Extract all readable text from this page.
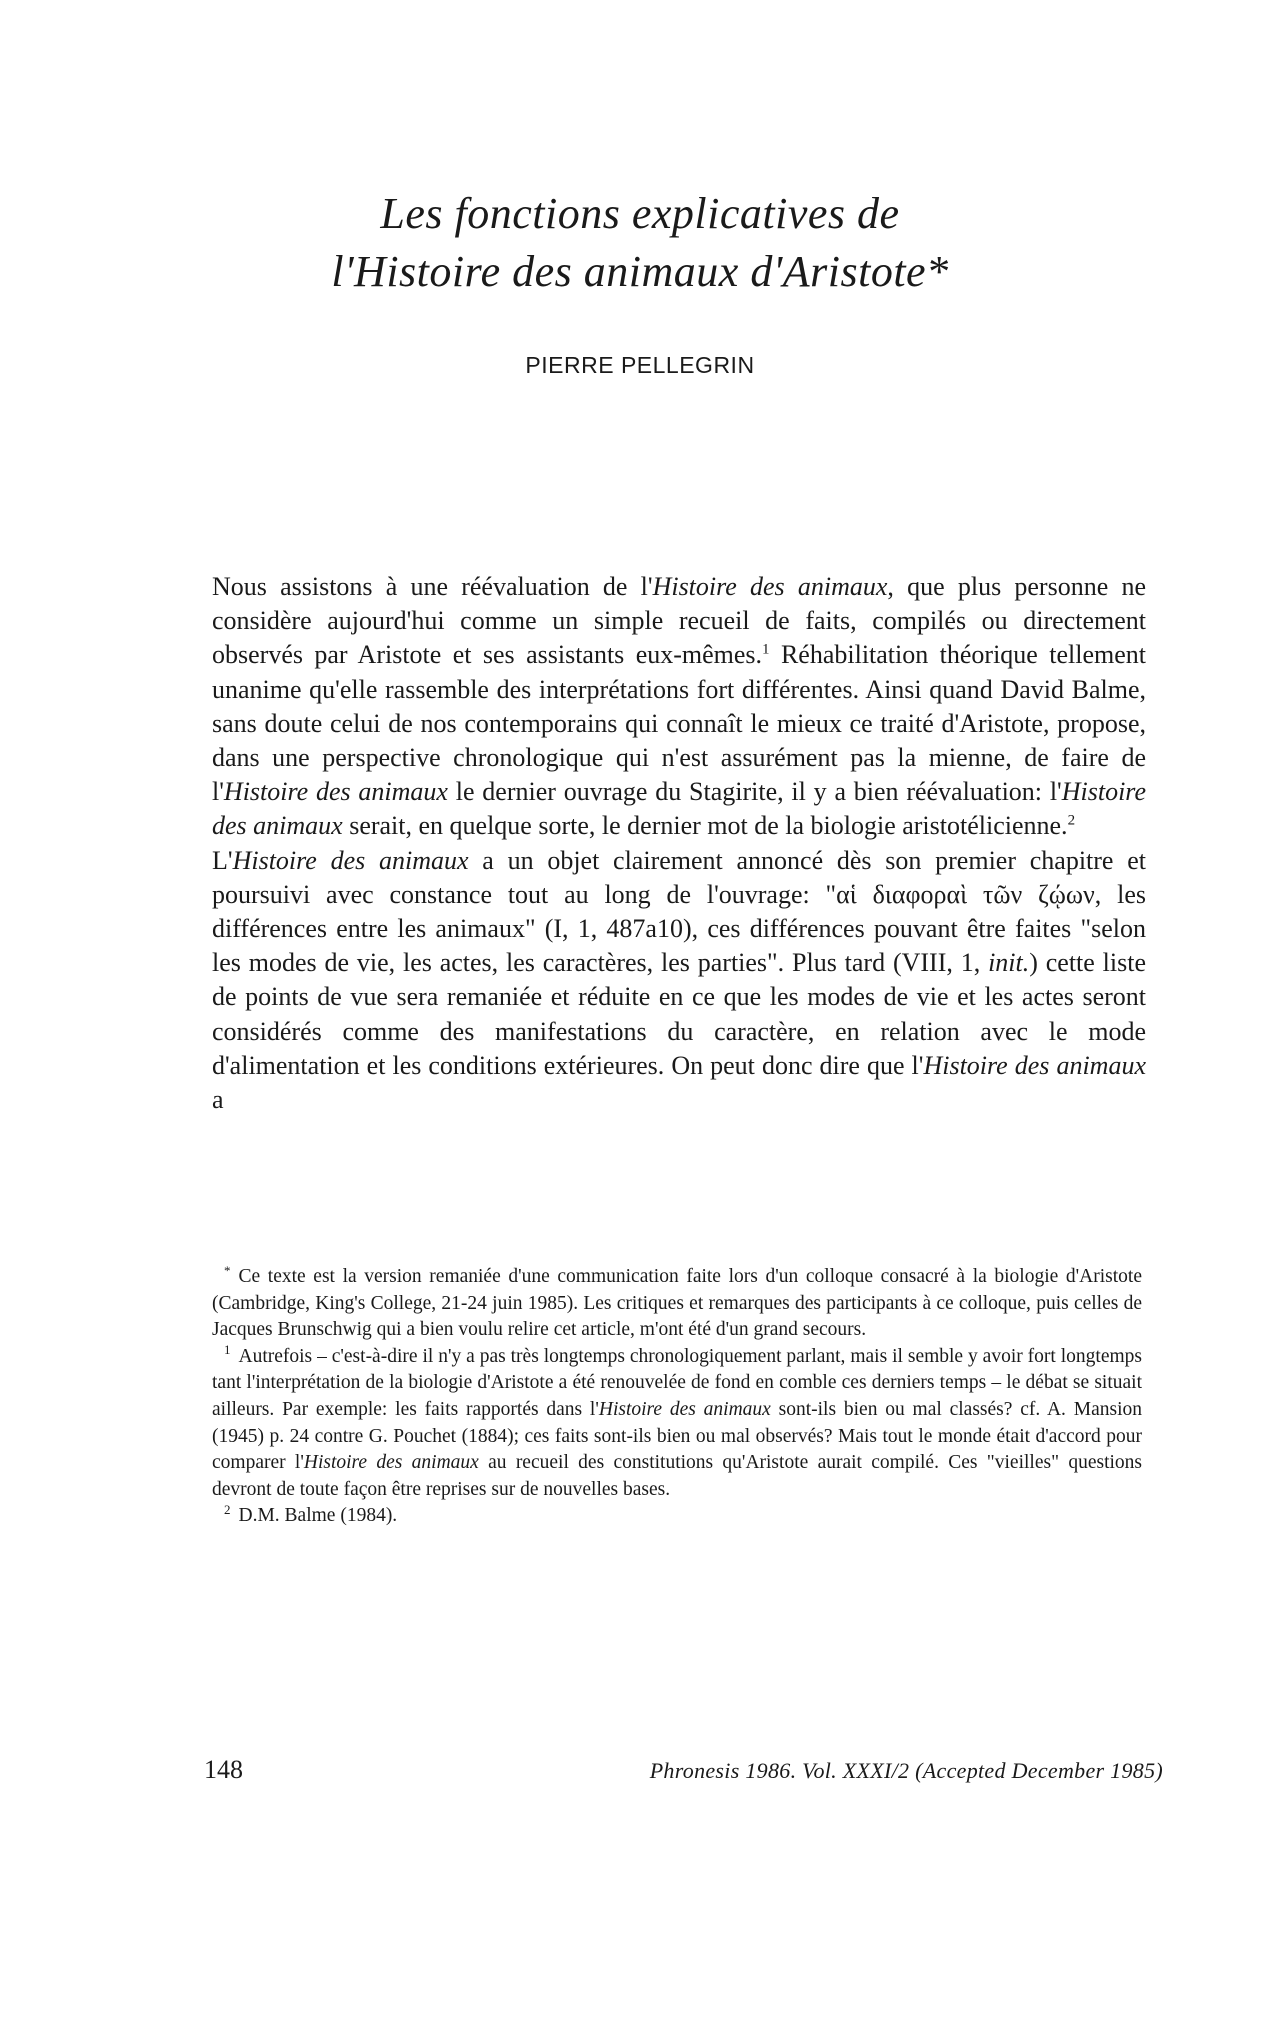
Les fonctions explicatives de
l'Histoire des animaux d'Aristote*
PIERRE PELLEGRIN

Nous assistons à une réévaluation de l'Histoire des animaux, que plus personne ne considère aujourd'hui comme un simple recueil de faits, compilés ou directement observés par Aristote et ses assistants eux-mêmes.$^1$ Réhabilitation théorique tellement unanime qu'elle rassemble des interprétations fort différentes. Ainsi quand David Balme, sans doute celui de nos contemporains qui connaît le mieux ce traité d'Aristote, propose, dans une perspective chronologique qui n'est assurément pas la mienne, de faire de l'Histoire des animaux le dernier ouvrage du Stagirite, il y a bien réévaluation: l'Histoire des animaux serait, en quelque sorte, le dernier mot de la biologie aristotélicienne.$^2$

L'Histoire des animaux a un objet clairement annoncé dès son premier chapitre et poursuivi avec constance tout au long de l'ouvrage: "αἱ διαφοραὶ τῶν ζῴων, les différences entre les animaux" (I, 1, 487a10), ces différences pouvant être faites "selon les modes de vie, les actes, les caractères, les parties". Plus tard (VIII, 1, init.) cette liste de points de vue sera remaniée et réduite en ce que les modes de vie et les actes seront considérés comme des manifestations du caractère, en relation avec le mode d'alimentation et les conditions extérieures. On peut donc dire que l'Histoire des animaux a

* Ce texte est la version remaniée d'une communication faite lors d'un colloque consacré à la biologie d'Aristote (Cambridge, King's College, 21-24 juin 1985). Les critiques et remarques des participants à ce colloque, puis celles de Jacques Brunschwig qui a bien voulu relire cet article, m'ont été d'un grand secours.

$^1$ Autrefois – c'est-à-dire il n'y a pas très longtemps chronologiquement parlant, mais il semble y avoir fort longtemps tant l'interprétation de la biologie d'Aristote a été renouvelée de fond en comble ces derniers temps – le débat se situait ailleurs. Par exemple: les faits rapportés dans l'Histoire des animaux sont-ils bien ou mal classés? cf. A. Mansion (1945) p. 24 contre G. Pouchet (1884); ces faits sont-ils bien ou mal observés? Mais tout le monde était d'accord pour comparer l'Histoire des animaux au recueil des constitutions qu'Aristote aurait compilé. Ces "vieilles" questions devront de toute façon être reprises sur de nouvelles bases.

$^2$ D.M. Balme (1984).

148	Phronesis 1986. Vol. XXXI/2 (Accepted December 1985)
